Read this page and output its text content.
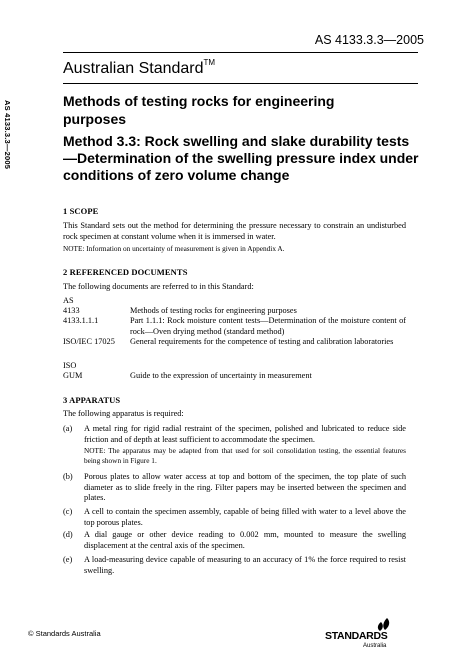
AS 4133.3.3—2005
Australian Standard™
AS 4133.3.3—2005	Methods of testing rocks for engineering purposes
Method 3.3: Rock swelling and slake durability tests—Determination of the swelling pressure index under conditions of zero volume change
1 SCOPE
This Standard sets out the method for determining the pressure necessary to constrain an undisturbed rock specimen at constant volume when it is immersed in water.
NOTE: Information on uncertainty of measurement is given in Appendix A.
2 REFERENCED DOCUMENTS
The following documents are referred to in this Standard:
AS
4133	Methods of testing rocks for engineering purposes
4133.1.1.1	Part 1.1.1: Rock moisture content tests—Determination of the moisture content of rock—Oven drying method (standard method)
ISO/IEC 17025 General requirements for the competence of testing and calibration laboratories
ISO
GUM	Guide to the expression of uncertainty in measurement
3 APPARATUS
The following apparatus is required:
(a) A metal ring for rigid radial restraint of the specimen, polished and lubricated to reduce side friction and of depth at least sufficient to accommodate the specimen.
NOTE: The apparatus may be adapted from that used for soil consolidation testing, the essential features being shown in Figure 1.
(b) Porous plates to allow water access at top and bottom of the specimen, the top plate of such diameter as to slide freely in the ring. Filter papers may be inserted between the specimen and plates.
(c) A cell to contain the specimen assembly, capable of being filled with water to a level above the top porous plates.
(d) A dial gauge or other device reading to 0.002 mm, mounted to measure the swelling displacement at the central axis of the specimen.
(e) A load-measuring device capable of measuring to an accuracy of 1% the force required to resist swelling.
© Standards Australia	STANDARDS
Australia
